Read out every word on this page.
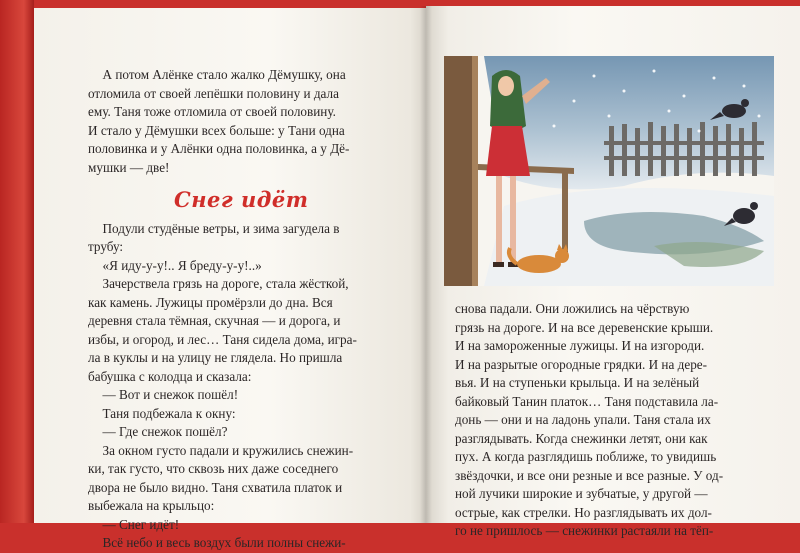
А потом Алёнке стало жалко Дёмушку, она

отломила от своей лепёшки половину и дала

ему. Таня тоже отломила от своей половину.

И стало у Дёмушки всех больше: у Тани одна

половинка и у Алёнки одна половинка, а у Дё-

мушки — две!

Снег идёт

Подули студёные ветры, и зима загудела в

трубу:

«Я иду-у-у!.. Я бреду-у-у!..»

Зачерствела грязь на дороге, стала жёсткой,

как камень. Лужицы промёрзли до дна. Вся

деревня стала тёмная, скучная — и дорога, и

избы, и огород, и лес… Таня сидела дома, игра-

ла в куклы и на улицу не глядела. Но пришла

бабушка с колодца и сказала:

— Вот и снежок пошёл!

Таня подбежала к окну:

— Где снежок пошёл?

За окном густо падали и кружились снежин-

ки, так густо, что сквозь них даже соседнего

двора не было видно. Таня схватила платок и

выбежала на крыльцо:

— Снег идёт!

Всё небо и весь воздух были полны снежи-

снова падали. Они ложились на чёрствую

грязь на дороге. И на все деревенские крыши.

И на замороженные лужицы. И на изгороди.

И на разрытые огородные грядки. И на дере-

вья. И на ступеньки крыльца. И на зелёный

байковый Танин платок… Таня подставила ла-

донь — они и на ладонь упали. Таня стала их

разглядывать. Когда снежинки летят, они как

пух. А когда разглядишь поближе, то увидишь

звёздочки, и все они резные и все разные. У од-

ной лучики широкие и зубчатые, у другой —

острые, как стрелки. Но разглядывать их дол-

го не пришлось — снежинки растаяли на тёп-
